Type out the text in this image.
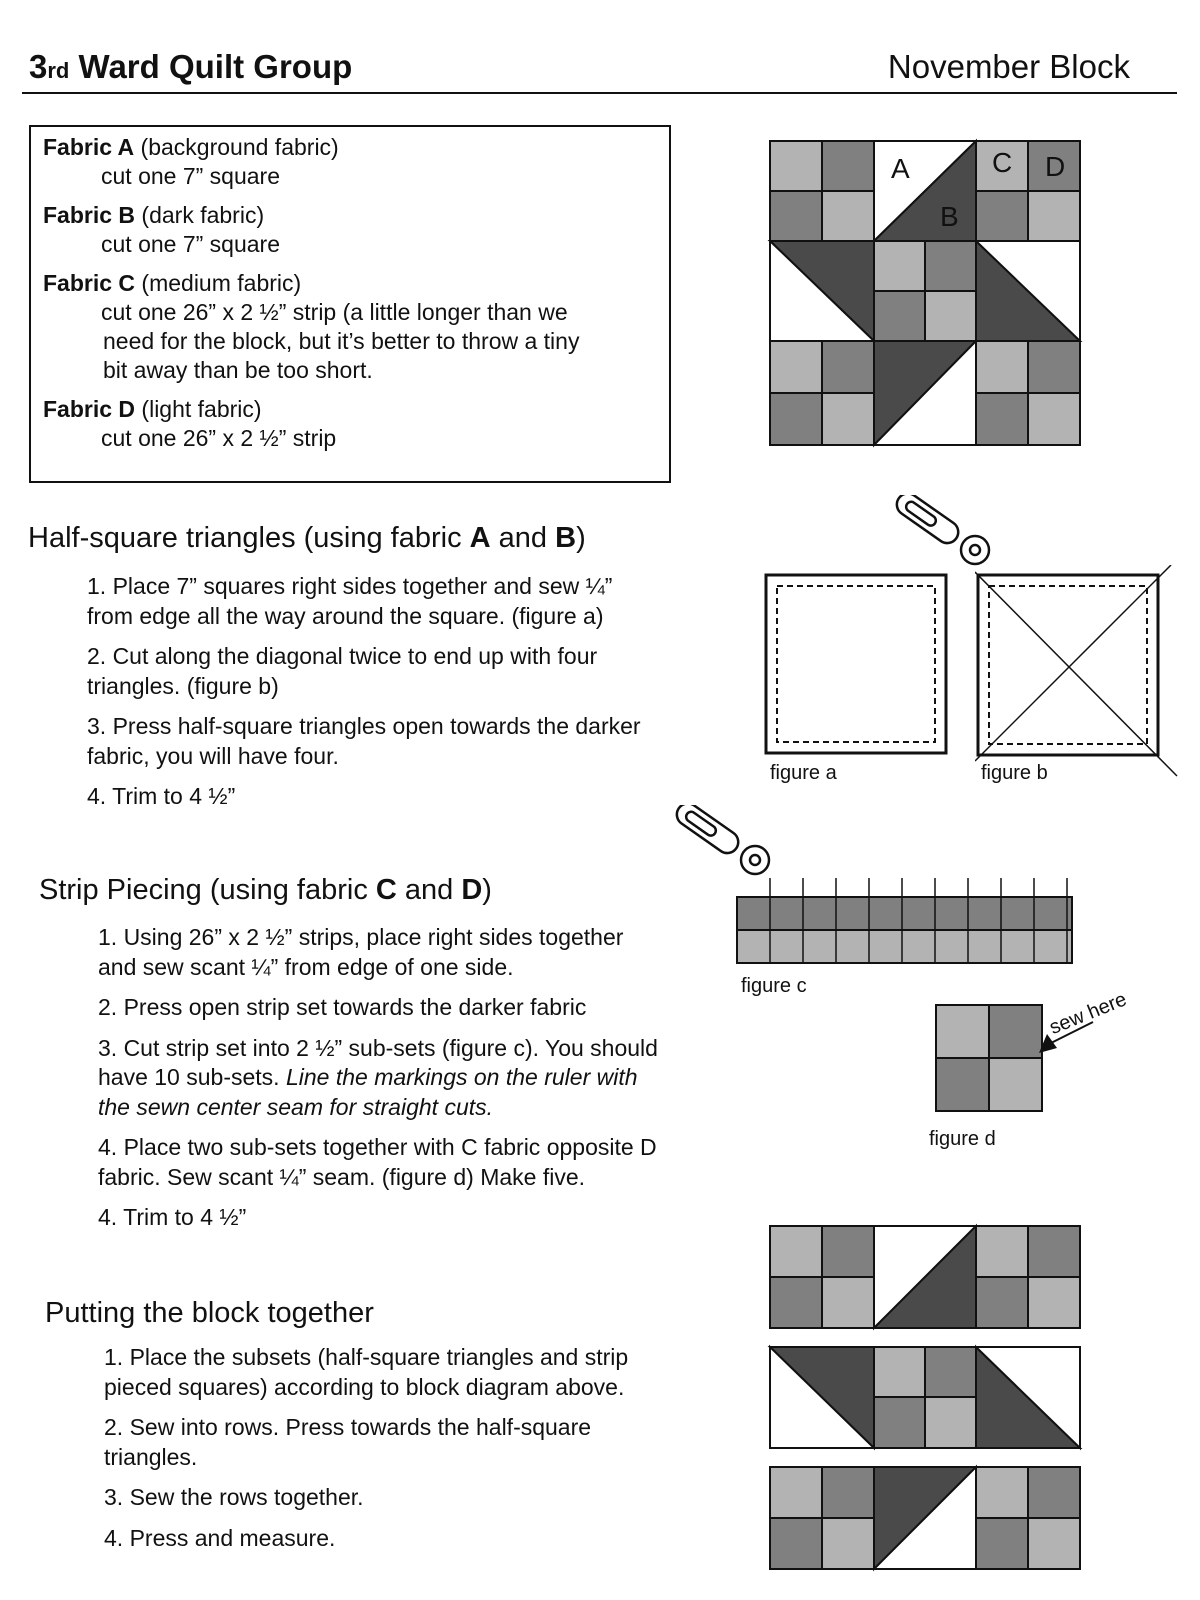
3rd Ward Quilt Group	November Block
Fabric A (background fabric)
cut one 7” square
Fabric B (dark fabric)
cut one 7” square
Fabric C (medium fabric)
cut one 26” x 2 ½” strip (a little longer than we
need for the block, but it’s better to throw a tiny
bit away than be too short.
Fabric D (light fabric)
cut one 26” x 2 ½” strip
A
B
C D
Half-square triangles (using fabric A and B)
1. Place 7” squares right sides together and sew ¼”
from edge all the way around the square. (figure a)
2. Cut along the diagonal twice to end up with four
triangles. (figure b)
3. Press half-square triangles open towards the darker
fabric, you will have four.
4. Trim to 4 ½”
figure a	figure b
Strip Piecing (using fabric C and D)
1. Using 26” x 2 ½” strips, place right sides together
and sew scant ¼” from edge of one side.
2. Press open strip set towards the darker fabric
3. Cut strip set into 2 ½” sub-sets (figure c). You should
have 10 sub-sets. Line the markings on the ruler with
the sewn center seam for straight cuts.
4. Place two sub-sets together with C fabric opposite D
fabric. Sew scant ¼” seam. (figure d) Make five.
4. Trim to 4 ½”
figure c
figure d
sew here
Putting the block together
1. Place the subsets (half-square triangles and strip
pieced squares) according to block diagram above.
2. Sew into rows. Press towards the half-square
triangles.
3. Sew the rows together.
4. Press and measure.
